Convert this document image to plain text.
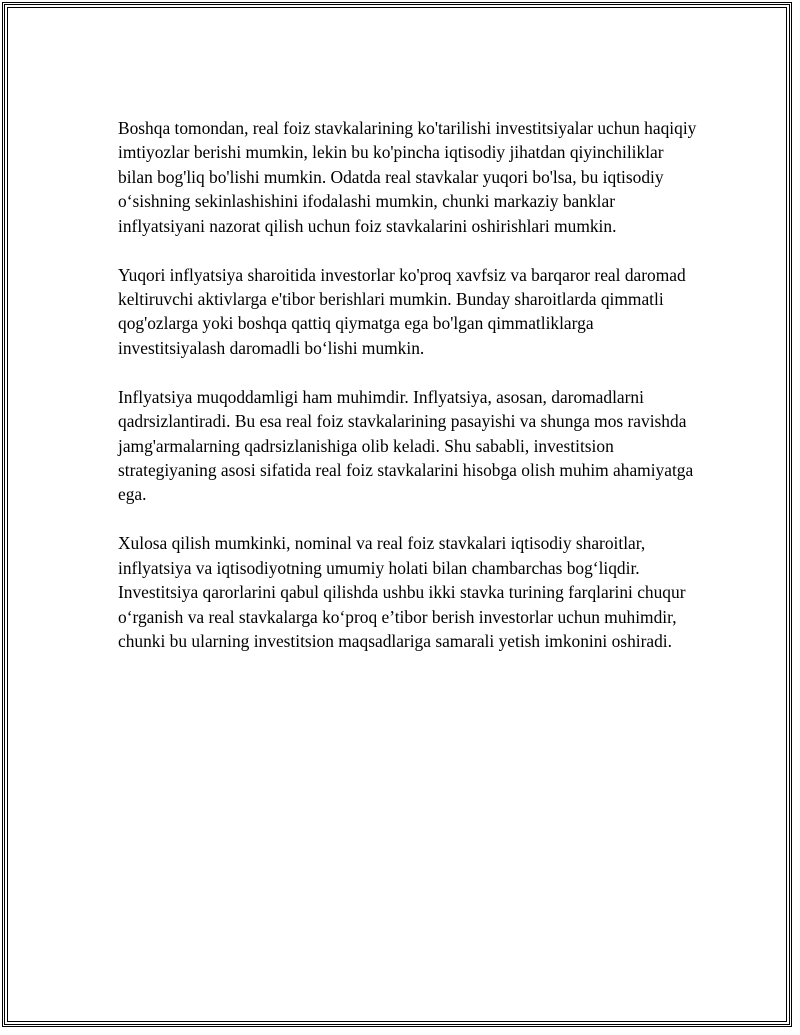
Boshqa tomondan, real foiz stavkalarining ko'tarilishi investitsiyalar uchun haqiqiy imtiyozlar berishi mumkin, lekin bu ko'pincha iqtisodiy jihatdan qiyinchiliklar bilan bog'liq bo'lishi mumkin. Odatda real stavkalar yuqori bo'lsa, bu iqtisodiy o‘sishning sekinlashishini ifodalashi mumkin, chunki markaziy banklar inflyatsiyani nazorat qilish uchun foiz stavkalarini oshirishlari mumkin.

Yuqori inflyatsiya sharoitida investorlar ko'proq xavfsiz va barqaror real daromad keltiruvchi aktivlarga e'tibor berishlari mumkin. Bunday sharoitlarda qimmatli qog'ozlarga yoki boshqa qattiq qiymatga ega bo'lgan qimmatliklarga investitsiyalash daromadli bo‘lishi mumkin.

Inflyatsiya muqoddamligi ham muhimdir. Inflyatsiya, asosan, daromadlarni qadrsizlantiradi. Bu esa real foiz stavkalarining pasayishi va shunga mos ravishda jamg'armalarning qadrsizlanishiga olib keladi. Shu sababli, investitsion strategiyaning asosi sifatida real foiz stavkalarini hisobga olish muhim ahamiyatga ega.

Xulosa qilish mumkinki, nominal va real foiz stavkalari iqtisodiy sharoitlar, inflyatsiya va iqtisodiyotning umumiy holati bilan chambarchas bog‘liqdir. Investitsiya qarorlarini qabul qilishda ushbu ikki stavka turining farqlarini chuqur o‘rganish va real stavkalarga ko‘proq e’tibor berish investorlar uchun muhimdir, chunki bu ularning investitsion maqsadlariga samarali yetish imkonini oshiradi.
